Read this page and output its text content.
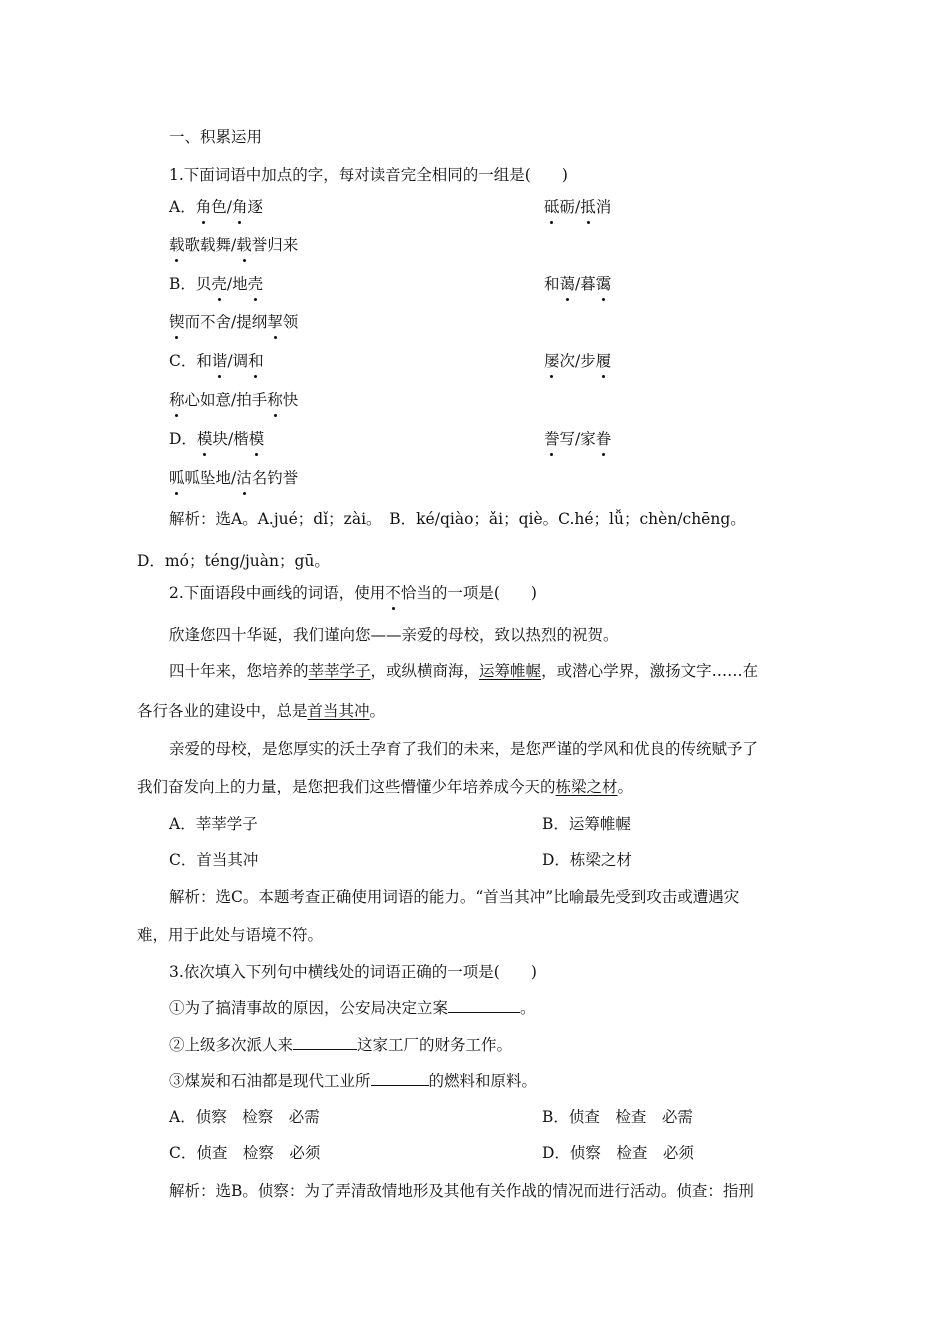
一、积累运用
1.下面词语中加点的字，每对读音完全相同的一组是(　　)
A．角色/角逐	砥砺/抵消
载歌载舞/载誉归来
B．贝壳/地壳	和蔼/暮霭
锲而不舍/提纲挈领
C．和谐/调和	屡次/步履
称心如意/拍手称快
D．模块/楷模	誊写/家眷
呱呱坠地/沽名钓誉
解析：选A。A.jué；dǐ；zài。　B．ké/qiào；ǎi；qiè。C.hé；lǚ；chèn/chēng。
D．mó；téng/juàn；gū。
2.下面语段中画线的词语，使用不恰当的一项是(　　)
欣逢您四十华诞，我们谨向您——亲爱的母校，致以热烈的祝贺。
四十年来，您培养的莘莘学子，或纵横商海，运筹帷幄，或潜心学界，激扬文字……在
各行各业的建设中，总是首当其冲。
亲爱的母校，是您厚实的沃土孕育了我们的未来，是您严谨的学风和优良的传统赋予了
我们奋发向上的力量，是您把我们这些懵懂少年培养成今天的栋梁之材。
A．莘莘学子	B．运筹帷幄
C．首当其冲	D．栋梁之材
解析：选C。本题考查正确使用词语的能力。“首当其冲”比喻最先受到攻击或遭遇灾
难，用于此处与语境不符。
3.依次填入下列句中横线处的词语正确的一项是(　　)
①为了搞清事故的原因，公安局决定立案	。
②上级多次派人来	这家工厂的财务工作。
③煤炭和石油都是现代工业所	的燃料和原料。
A．侦察　检察　必需	B．侦查　检查　必需
C．侦查　检察　必须	D．侦察　检查　必须
解析：选B。侦察：为了弄清敌情地形及其他有关作战的情况而进行活动。侦查：指刑
